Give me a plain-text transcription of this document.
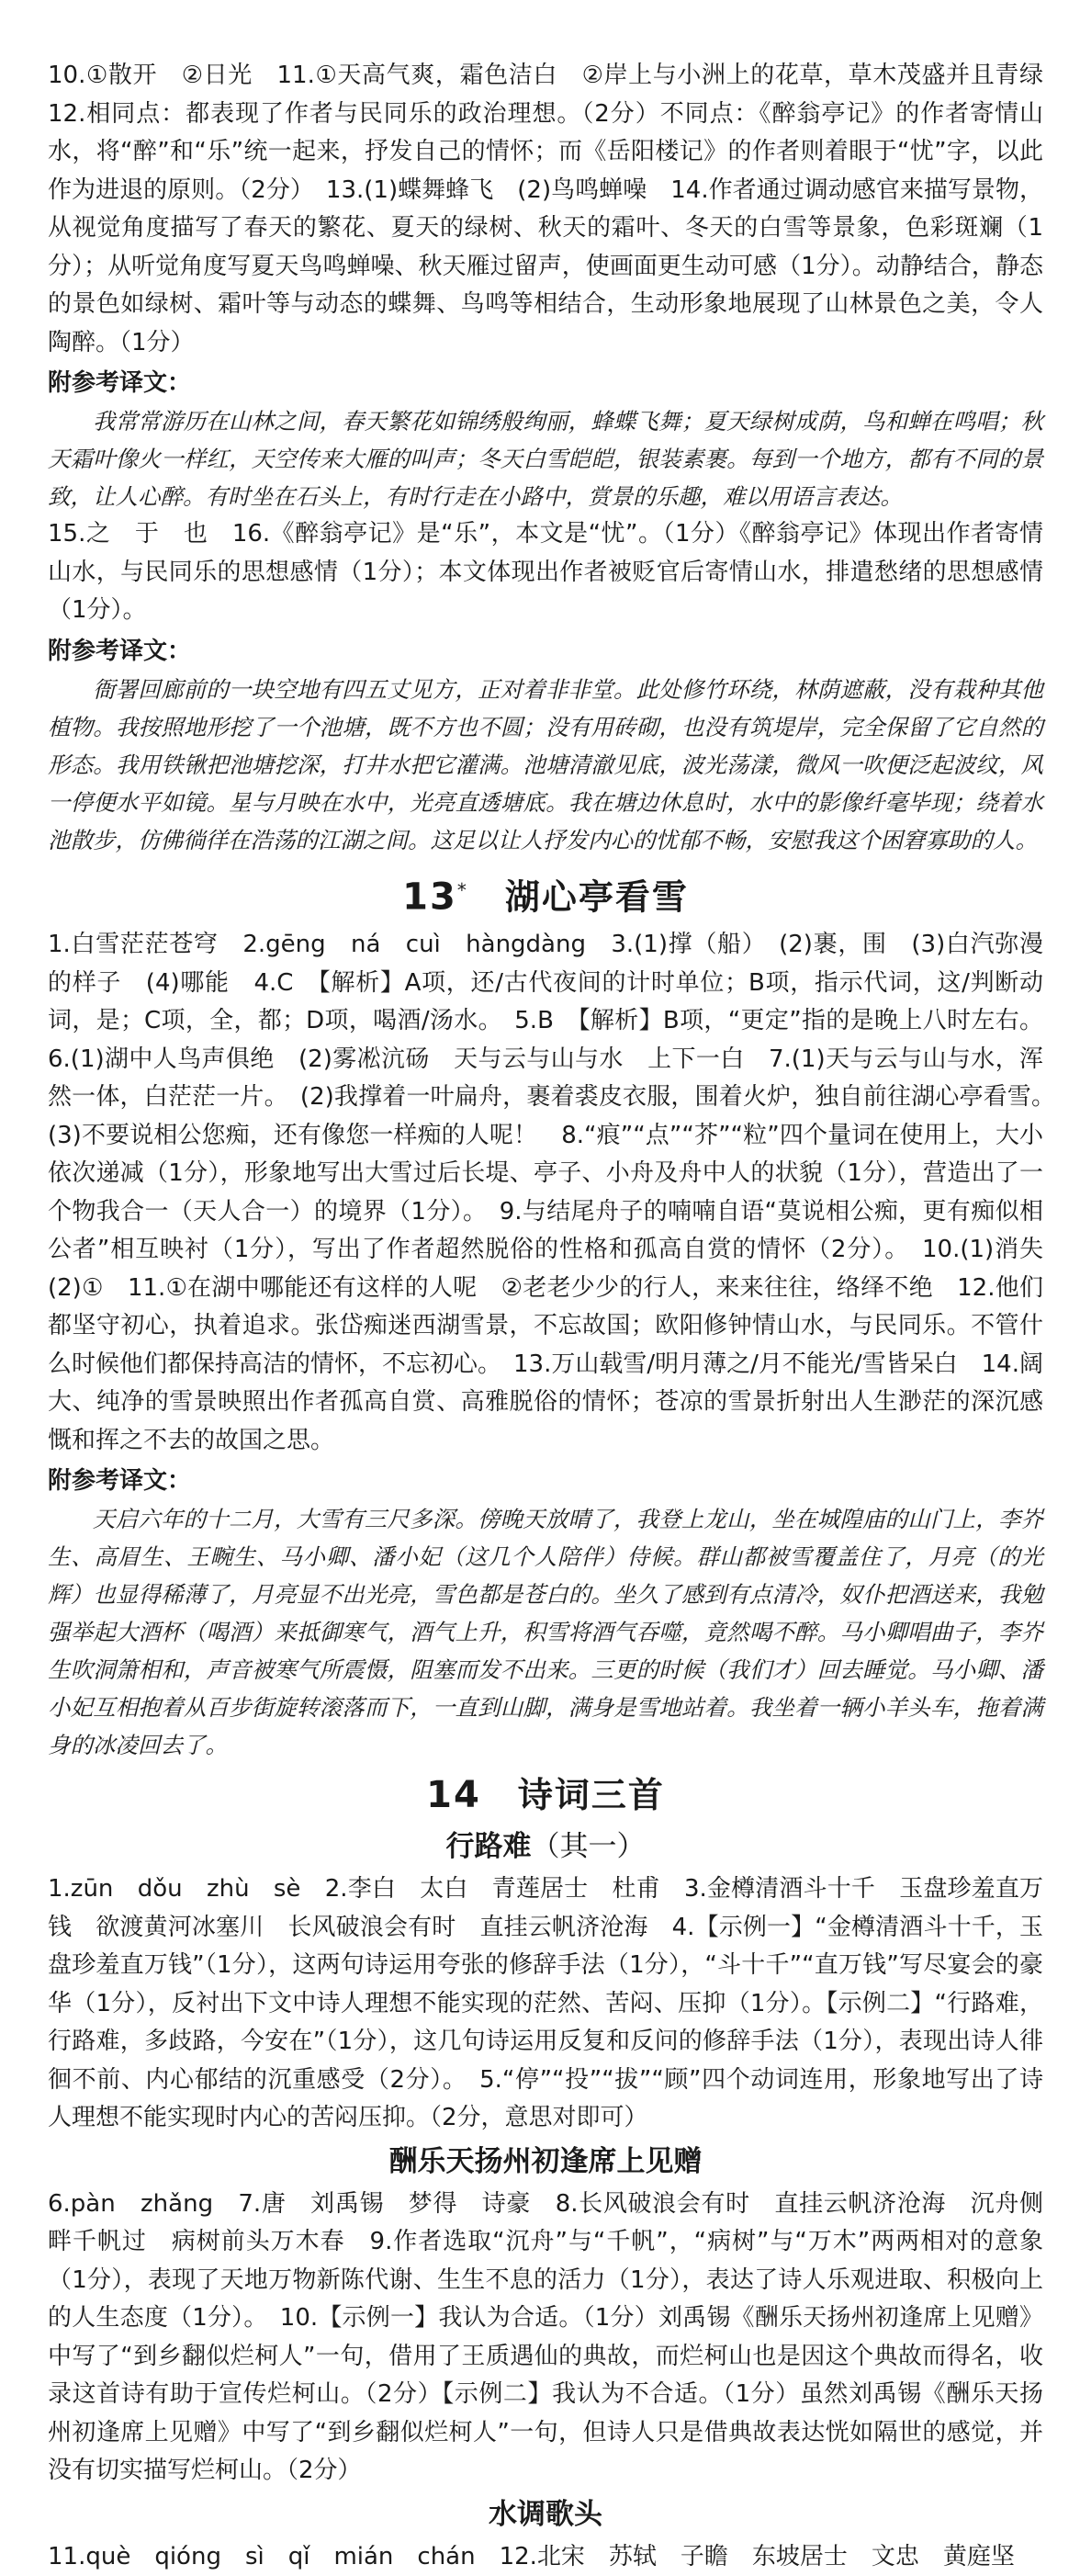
10.①散开　②日光　11.①天高气爽，霜色洁白　②岸上与小洲上的花草，草木茂盛并且青绿　12.相同点：都表现了作者与民同乐的政治理想。（2分）不同点：《醉翁亭记》的作者寄情山水，将“醉”和“乐”统一起来，抒发自己的情怀；而《岳阳楼记》的作者则着眼于“忧”字，以此作为进退的原则。（2分）　13.(1)蝶舞蜂飞　(2)鸟鸣蝉噪　14.作者通过调动感官来描写景物，从视觉角度描写了春天的繁花、夏天的绿树、秋天的霜叶、冬天的白雪等景象，色彩斑斓（1分）；从听觉角度写夏天鸟鸣蝉噪、秋天雁过留声，使画面更生动可感（1分）。动静结合，静态的景色如绿树、霜叶等与动态的蝶舞、鸟鸣等相结合，生动形象地展现了山林景色之美，令人陶醉。（1分）

附参考译文：

我常常游历在山林之间，春天繁花如锦绣般绚丽，蜂蝶飞舞；夏天绿树成荫，鸟和蝉在鸣唱；秋天霜叶像火一样红，天空传来大雁的叫声；冬天白雪皑皑，银装素裹。每到一个地方，都有不同的景致，让人心醉。有时坐在石头上，有时行走在小路中，赏景的乐趣，难以用语言表达。

15.之　于　也　16.《醉翁亭记》是“乐”，本文是“忧”。（1分）《醉翁亭记》体现出作者寄情山水，与民同乐的思想感情（1分）；本文体现出作者被贬官后寄情山水，排遣愁绪的思想感情（1分）。

附参考译文：

衙署回廊前的一块空地有四五丈见方，正对着非非堂。此处修竹环绕，林荫遮蔽，没有栽种其他植物。我按照地形挖了一个池塘，既不方也不圆；没有用砖砌，也没有筑堤岸，完全保留了它自然的形态。我用铁锹把池塘挖深，打井水把它灌满。池塘清澈见底，波光荡漾，微风一吹便泛起波纹，风一停便水平如镜。星与月映在水中，光亮直透塘底。我在塘边休息时，水中的影像纤毫毕现；绕着水池散步，仿佛徜徉在浩荡的江湖之间。这足以让人抒发内心的忧郁不畅，安慰我这个困窘寡助的人。

13*　 湖心亭看雪

1.白雪茫茫苍穹　2.gēng　ná　cuì　hàngdàng　3.(1)撑（船）　(2)裹，围　(3)白汽弥漫的样子　(4)哪能　4.C　【解析】A项，还/古代夜间的计时单位；B项，指示代词，这/判断动词，是；C项，全，都；D项，喝酒/汤水。　5.B　【解析】B项，“更定”指的是晚上八时左右。6.(1)湖中人鸟声俱绝　(2)雾凇沆砀　天与云与山与水　上下一白　7.(1)天与云与山与水，浑然一体，白茫茫一片。　(2)我撑着一叶扁舟，裹着裘皮衣服，围着火炉，独自前往湖心亭看雪。　(3)不要说相公您痴，还有像您一样痴的人呢！　8.“痕”“点”“芥”“粒”四个量词在使用上，大小依次递减（1分），形象地写出大雪过后长堤、亭子、小舟及舟中人的状貌（1分），营造出了一个物我合一（天人合一）的境界（1分）。　9.与结尾舟子的喃喃自语“莫说相公痴，更有痴似相公者”相互映衬（1分），写出了作者超然脱俗的性格和孤高自赏的情怀（2分）。　10.(1)消失　(2)①　11.①在湖中哪能还有这样的人呢　②老老少少的行人，来来往往，络绎不绝　12.他们都坚守初心，执着追求。张岱痴迷西湖雪景，不忘故国；欧阳修钟情山水，与民同乐。不管什么时候他们都保持高洁的情怀，不忘初心。　13.万山载雪/明月薄之/月不能光/雪皆呆白　14.阔大、纯净的雪景映照出作者孤高自赏、高雅脱俗的情怀；苍凉的雪景折射出人生渺茫的深沉感慨和挥之不去的故国之思。

附参考译文：

天启六年的十二月，大雪有三尺多深。傍晚天放晴了，我登上龙山，坐在城隍庙的山门上，李岕生、高眉生、王畹生、马小卿、潘小妃（这几个人陪伴）侍候。群山都被雪覆盖住了，月亮（的光辉）也显得稀薄了，月亮显不出光亮，雪色都是苍白的。坐久了感到有点清冷，奴仆把酒送来，我勉强举起大酒杯（喝酒）来抵御寒气，酒气上升，积雪将酒气吞噬，竟然喝不醉。马小卿唱曲子，李岕生吹洞箫相和，声音被寒气所震慑，阻塞而发不出来。三更的时候（我们才）回去睡觉。马小卿、潘小妃互相抱着从百步街旋转滚落而下，一直到山脚，满身是雪地站着。我坐着一辆小羊头车，拖着满身的冰凌回去了。

14　 诗词三首
行路难（其一）

1.zūn　dǒu　zhù　sè　2.李白　太白　青莲居士　杜甫　3.金樽清酒斗十千　玉盘珍羞直万钱　欲渡黄河冰塞川　长风破浪会有时　直挂云帆济沧海　4.【示例一】“金樽清酒斗十千，玉盘珍羞直万钱”（1分），这两句诗运用夸张的修辞手法（1分），“斗十千”“直万钱”写尽宴会的豪华（1分），反衬出下文中诗人理想不能实现的茫然、苦闷、压抑（1分）。【示例二】“行路难，行路难，多歧路，今安在”（1分），这几句诗运用反复和反问的修辞手法（1分），表现出诗人徘徊不前、内心郁结的沉重感受（2分）。　5.“停”“投”“拔”“顾”四个动词连用，形象地写出了诗人理想不能实现时内心的苦闷压抑。（2分，意思对即可）

酬乐天扬州初逢席上见赠

6.pàn　zhǎng　7.唐　刘禹锡　梦得　诗豪　8.长风破浪会有时　直挂云帆济沧海　沉舟侧畔千帆过　病树前头万木春　9.作者选取“沉舟”与“千帆”，“病树”与“万木”两两相对的意象（1分），表现了天地万物新陈代谢、生生不息的活力（1分），表达了诗人乐观进取、积极向上的人生态度（1分）。　10.【示例一】我认为合适。（1分）刘禹锡《酬乐天扬州初逢席上见赠》中写了“到乡翻似烂柯人”一句，借用了王质遇仙的典故，而烂柯山也是因这个典故而得名，收录这首诗有助于宣传烂柯山。（2分）【示例二】我认为不合适。（1分）虽然刘禹锡《酬乐天扬州初逢席上见赠》中写了“到乡翻似烂柯人”一句，但诗人只是借典故表达恍如隔世的感觉，并没有切实描写烂柯山。（2分）

水调歌头

11.què　qióng　sì　qǐ　mián　chán　12.北宋　苏轼　子瞻　东坡居士　文忠　黄庭坚
